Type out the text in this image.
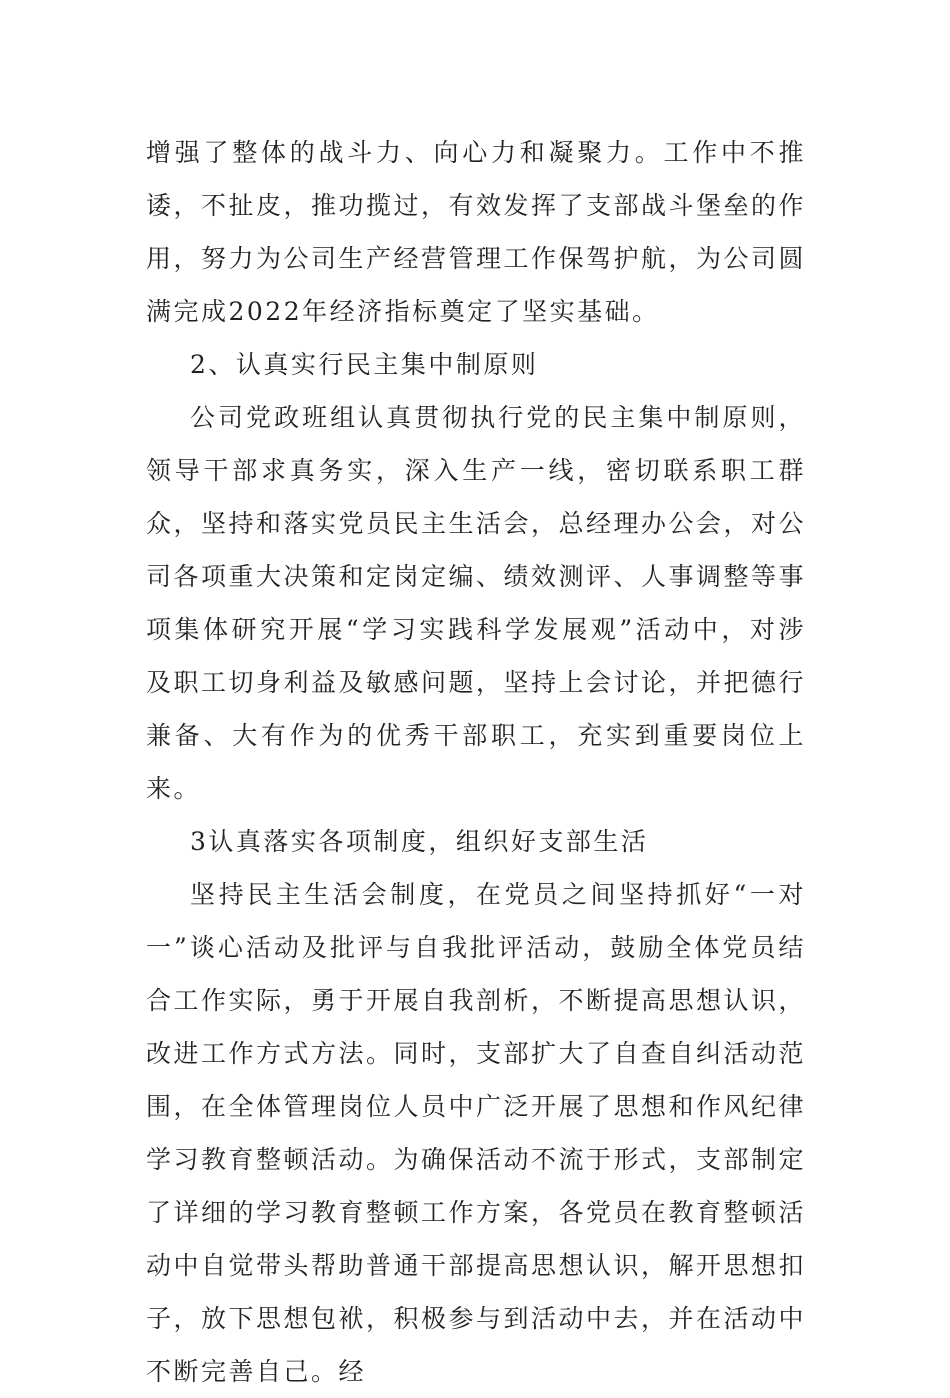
增强了整体的战斗力、向心力和凝聚力。工作中不推诿，不扯皮，推功揽过，有效发挥了支部战斗堡垒的作用，努力为公司生产经营管理工作保驾护航，为公司圆满完成2022年经济指标奠定了坚实基础。

2、认真实行民主集中制原则

公司党政班组认真贯彻执行党的民主集中制原则，领导干部求真务实，深入生产一线，密切联系职工群众，坚持和落实党员民主生活会，总经理办公会，对公司各项重大决策和定岗定编、绩效测评、人事调整等事项集体研究开展“学习实践科学发展观”活动中，对涉及职工切身利益及敏感问题，坚持上会讨论，并把德行兼备、大有作为的优秀干部职工，充实到重要岗位上来。

3认真落实各项制度，组织好支部生活

坚持民主生活会制度，在党员之间坚持抓好“一对一”谈心活动及批评与自我批评活动，鼓励全体党员结合工作实际，勇于开展自我剖析，不断提高思想认识，改进工作方式方法。同时，支部扩大了自查自纠活动范围，在全体管理岗位人员中广泛开展了思想和作风纪律学习教育整顿活动。为确保活动不流于形式，支部制定了详细的学习教育整顿工作方案，各党员在教育整顿活动中自觉带头帮助普通干部提高思想认识，解开思想扣子，放下思想包袱，积极参与到活动中去，并在活动中不断完善自己。经
